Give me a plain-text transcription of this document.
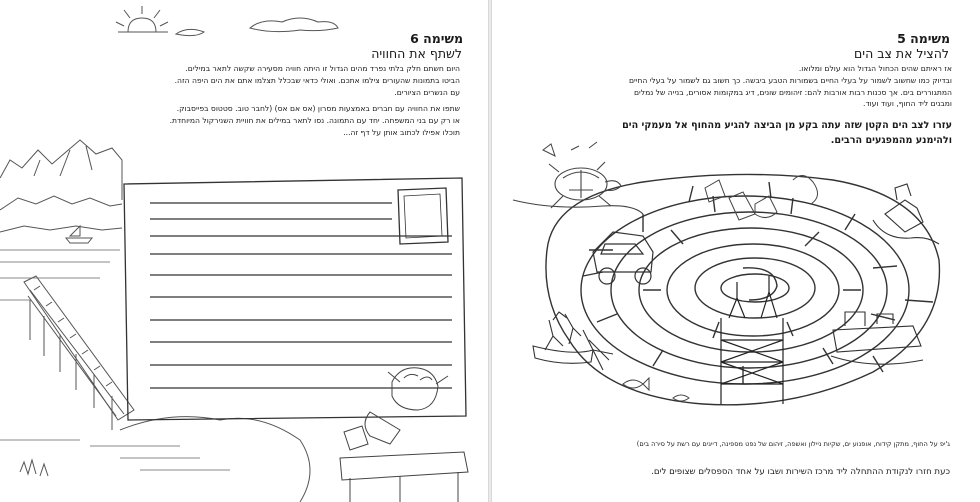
משימה 6
לשתף את החוויה
היום חשתם חלק בלתי נפרד מהים הגדול זו היתה חוויה מסעירה שקשה לתאר במילים.
הביטו בתמונות שהעורים צילמו אתכם. ואולי כדאי שבכלל תצלמו אתם את הים היפה הזה.
עם הנשרים הציורים.
שתפו את החוויה עם חברים באמצעות מסרון (אס אם אס) (לחבר טוב. סטטוס בפייסבוק.
או רק עם בני המשפחה. יחד עם התמונה. נסו לתאר במילים את חוויית השנירקול המיוחדת.
תוכלו אפילו לכתוב אותן על דף זה...
משימה 5
להציל את צב הים
אז ראיתם שהים הכחול הגדול הוא עולם ומלואו.
ובדיוק כמו שחשוב לשמור על בעלי החיים בשמורות הטבע ביבשה. כך חשוב גם לשמור על בעלי החיים
המתגוררים בים. אך סכנות רבות אורבות להם: זיהומים שונים, דיג במקומות אסורים, בנייה של נמלים
ומבנים ליד החוף, ועוד ועוד.
עזרו לצב הים הקטן שזה עתה בקע מן הביצה להגיע מהחוף אל מעמקי הים
ולהימנע מהמפגעים הרבים.
ג'יפ על החוף, מתקן קידוח, אופנוע ים, שקיות ניילון ואשפה, זיהום של נפט מספינה, דייגים עם רשת על סירה בים)
כעת חזרו לנקודת ההתחלה ליד מרכז השירות ושבו על אחד הספסלים שצופים לים.
